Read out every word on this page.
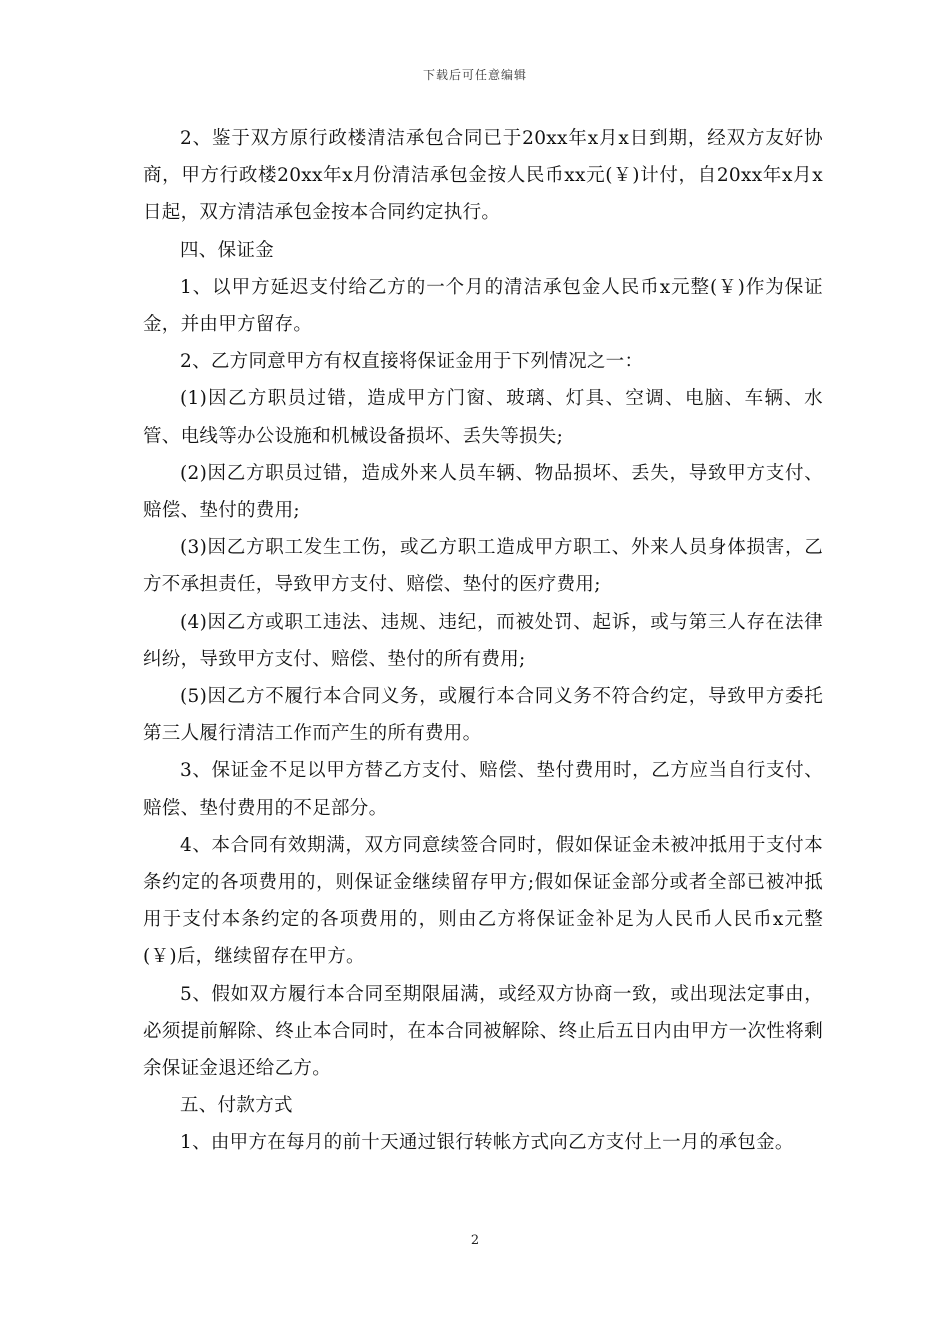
下载后可任意编辑

2、鉴于双方原行政楼清洁承包合同已于20xx年x月x日到期，经双方友好协商，甲方行政楼20xx年x月份清洁承包金按人民币xx元(￥)计付，自20xx年x月x日起，双方清洁承包金按本合同约定执行。

四、保证金

1、以甲方延迟支付给乙方的一个月的清洁承包金人民币x元整(￥)作为保证金，并由甲方留存。

2、乙方同意甲方有权直接将保证金用于下列情况之一：

(1)因乙方职员过错，造成甲方门窗、玻璃、灯具、空调、电脑、车辆、水管、电线等办公设施和机械设备损坏、丢失等损失;

(2)因乙方职员过错，造成外来人员车辆、物品损坏、丢失，导致甲方支付、赔偿、垫付的费用;

(3)因乙方职工发生工伤，或乙方职工造成甲方职工、外来人员身体损害，乙方不承担责任，导致甲方支付、赔偿、垫付的医疗费用;

(4)因乙方或职工违法、违规、违纪，而被处罚、起诉，或与第三人存在法律纠纷，导致甲方支付、赔偿、垫付的所有费用;

(5)因乙方不履行本合同义务，或履行本合同义务不符合约定，导致甲方委托第三人履行清洁工作而产生的所有费用。

3、保证金不足以甲方替乙方支付、赔偿、垫付费用时，乙方应当自行支付、赔偿、垫付费用的不足部分。

4、本合同有效期满，双方同意续签合同时，假如保证金未被冲抵用于支付本条约定的各项费用的，则保证金继续留存甲方;假如保证金部分或者全部已被冲抵用于支付本条约定的各项费用的，则由乙方将保证金补足为人民币人民币x元整(￥)后，继续留存在甲方。

5、假如双方履行本合同至期限届满，或经双方协商一致，或出现法定事由，必须提前解除、终止本合同时，在本合同被解除、终止后五日内由甲方一次性将剩余保证金退还给乙方。

五、付款方式

1、由甲方在每月的前十天通过银行转帐方式向乙方支付上一月的承包金。

2
